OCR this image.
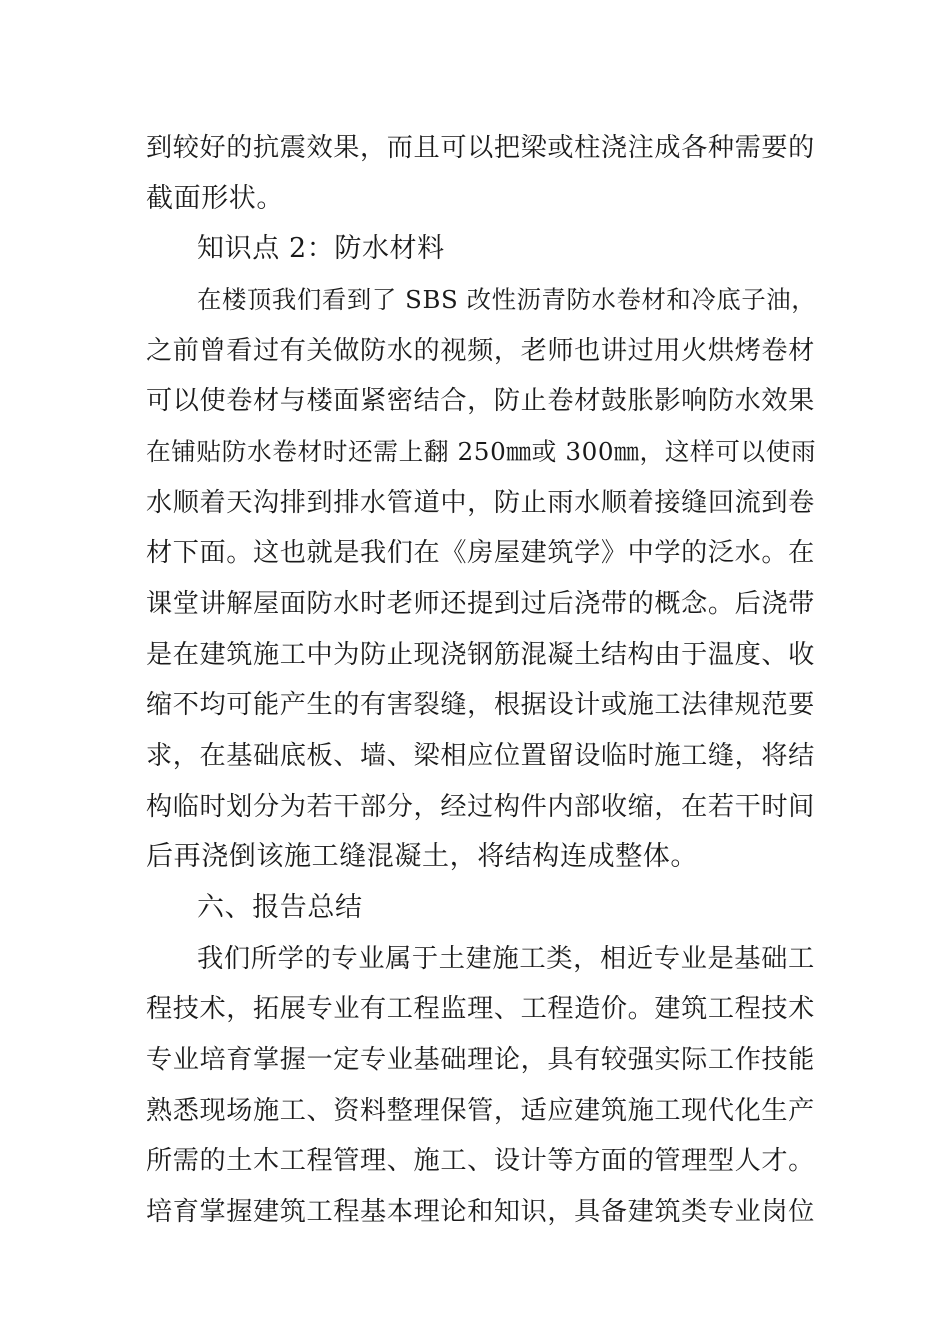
到较好的抗震效果，而且可以把梁或柱浇注成各种需要的
截面形状。
知识点 2：防水材料
在楼顶我们看到了 SBS 改性沥青防水卷材和冷底子油，
之前曾看过有关做防水的视频，老师也讲过用火烘烤卷材
可以使卷材与楼面紧密结合，防止卷材鼓胀影响防水效果
在铺贴防水卷材时还需上翻 250㎜或 300㎜，这样可以使雨
水顺着天沟排到排水管道中，防止雨水顺着接缝回流到卷
材下面。这也就是我们在《房屋建筑学》中学的泛水。在
课堂讲解屋面防水时老师还提到过后浇带的概念。后浇带
是在建筑施工中为防止现浇钢筋混凝土结构由于温度、收
缩不均可能产生的有害裂缝，根据设计或施工法律规范要
求，在基础底板、墙、梁相应位置留设临时施工缝，将结
构临时划分为若干部分，经过构件内部收缩，在若干时间
后再浇倒该施工缝混凝土，将结构连成整体。
六、报告总结
我们所学的专业属于土建施工类，相近专业是基础工
程技术，拓展专业有工程监理、工程造价。建筑工程技术
专业培育掌握一定专业基础理论，具有较强实际工作技能
熟悉现场施工、资料整理保管，适应建筑施工现代化生产
所需的土木工程管理、施工、设计等方面的管理型人才。
培育掌握建筑工程基本理论和知识，具备建筑类专业岗位
